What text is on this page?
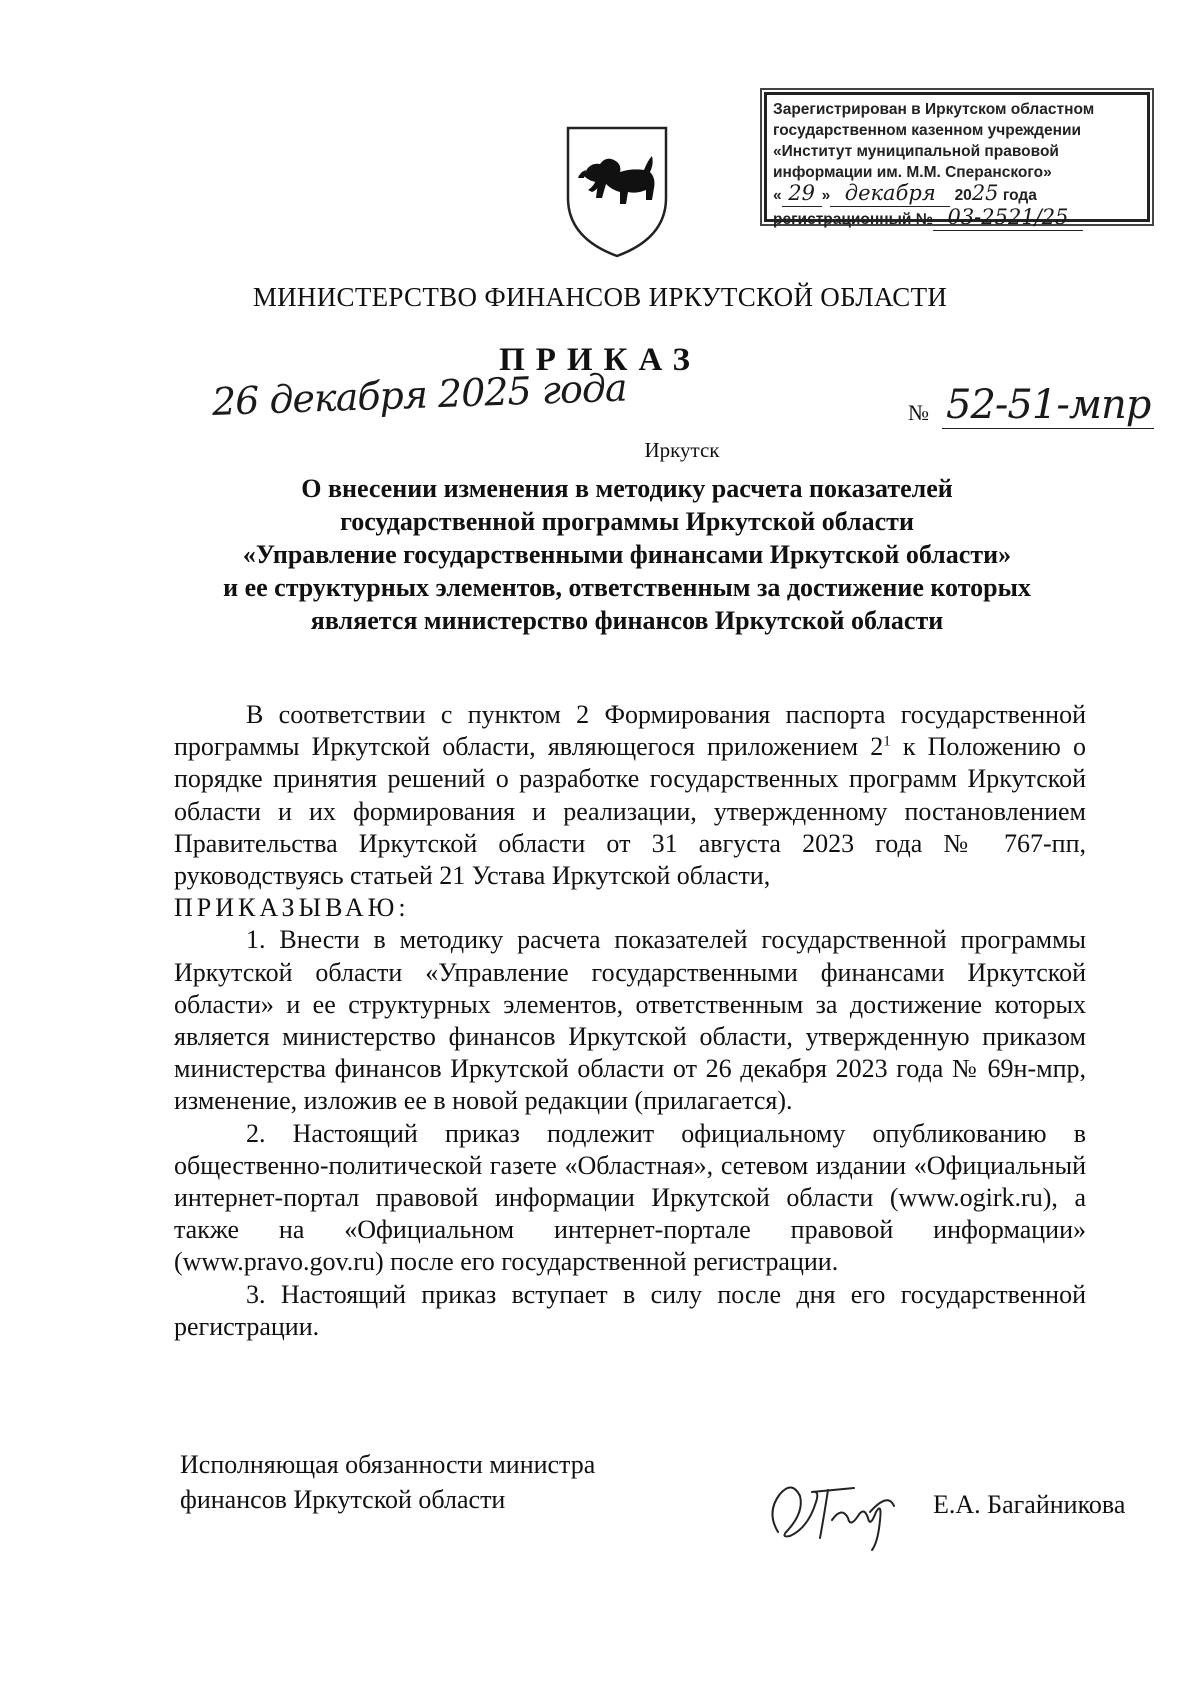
Зарегистрирован в Иркутском областном
государственном казенном учреждении
«Институт муниципальной правовой
информации им. М.М. Сперанского»
« 29 » декабря 2025 года
регистрационный № 03-2521/25
МИНИСТЕРСТВО ФИНАНСОВ ИРКУТСКОЙ ОБЛАСТИ
ПРИКАЗ
26 декабря 2025 года	№ 52-51-мпр
Иркутск
О внесении изменения в методику расчета показателей
государственной программы Иркутской области
«Управление государственными финансами Иркутской области»
и ее структурных элементов, ответственным за достижение которых
является министерство финансов Иркутской области

В соответствии с пунктом 2 Формирования паспорта государственной программы Иркутской области, являющегося приложением $2^1$ к Положению о порядке принятия решений о разработке государственных программ Иркутской области и их формирования и реализации, утвержденному постановлением Правительства Иркутской области от 31 августа 2023 года № 767-пп, руководствуясь статьей 21 Устава Иркутской области,

ПРИКАЗЫВАЮ:

1. Внести в методику расчета показателей государственной программы Иркутской области «Управление государственными финансами Иркутской области» и ее структурных элементов, ответственным за достижение которых является министерство финансов Иркутской области, утвержденную приказом министерства финансов Иркутской области от 26 декабря 2023 года № 69н-мпр, изменение, изложив ее в новой редакции (прилагается).

2. Настоящий приказ подлежит официальному опубликованию в общественно-политической газете «Областная», сетевом издании «Официальный интернет-портал правовой информации Иркутской области (www.ogirk.ru), а также на «Официальном интернет-портале правовой информации» (www.pravo.gov.ru) после его государственной регистрации.

3. Настоящий приказ вступает в силу после дня его государственной регистрации.

Исполняющая обязанности министра
финансов Иркутской области	Е.А. Багайникова
